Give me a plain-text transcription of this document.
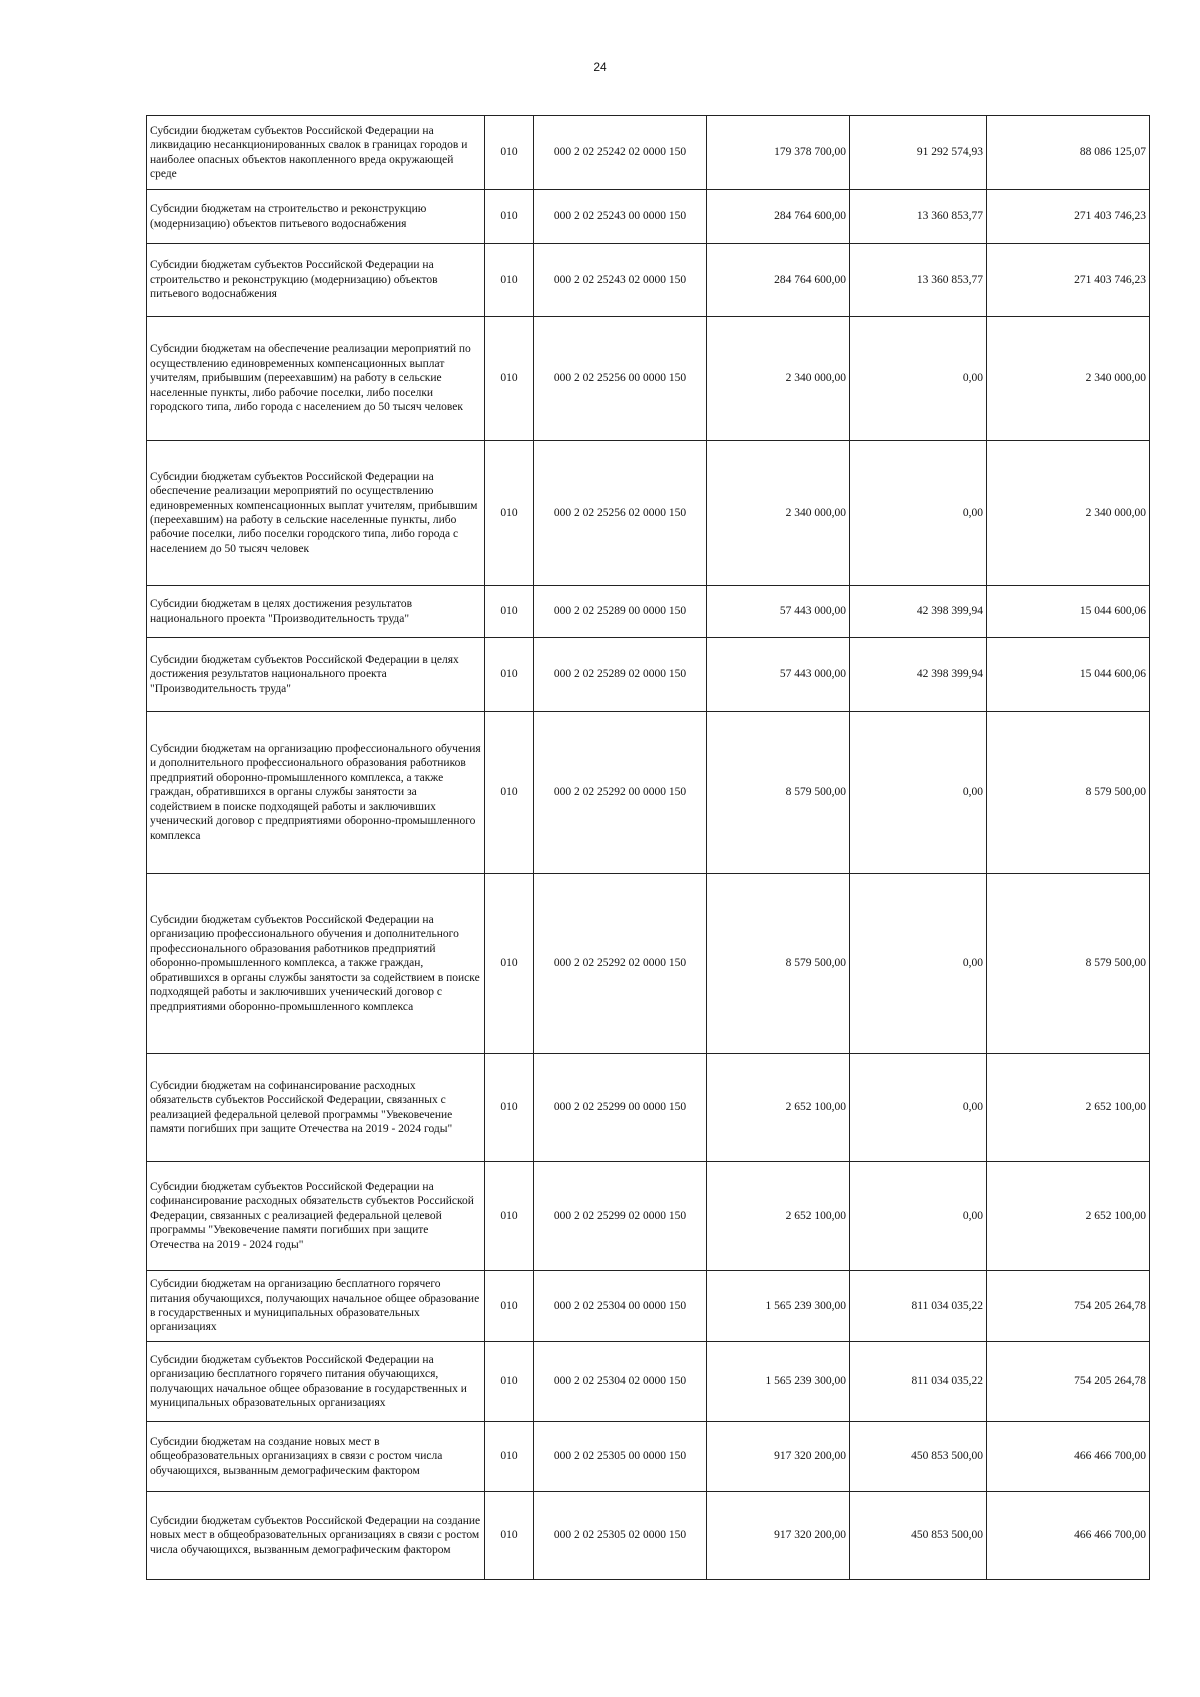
24
Субсидии бюджетам субъектов Российской Федерации на ликвидацию несанкционированных свалок в границах городов и наиболее опасных объектов накопленного вреда окружающей среде	010	000 2 02 25242 02 0000 150	179 378 700,00	91 292 574,93	88 086 125,07
Субсидии бюджетам на строительство и реконструкцию (модернизацию) объектов питьевого водоснабжения	010	000 2 02 25243 00 0000 150	284 764 600,00	13 360 853,77	271 403 746,23
Субсидии бюджетам субъектов Российской Федерации на строительство и реконструкцию (модернизацию) объектов питьевого водоснабжения	010	000 2 02 25243 02 0000 150	284 764 600,00	13 360 853,77	271 403 746,23
Субсидии бюджетам на обеспечение реализации мероприятий по осуществлению единовременных компенсационных выплат учителям, прибывшим (переехавшим) на работу в сельские населенные пункты, либо рабочие поселки, либо поселки городского типа, либо города с населением до 50 тысяч человек	010	000 2 02 25256 00 0000 150	2 340 000,00	0,00	2 340 000,00
Субсидии бюджетам субъектов Российской Федерации на обеспечение реализации мероприятий по осуществлению единовременных компенсационных выплат учителям, прибывшим (переехавшим) на работу в сельские населенные пункты, либо рабочие поселки, либо поселки городского типа, либо города с населением до 50 тысяч человек	010	000 2 02 25256 02 0000 150	2 340 000,00	0,00	2 340 000,00
Субсидии бюджетам в целях достижения результатов национального проекта "Производительность труда"	010	000 2 02 25289 00 0000 150	57 443 000,00	42 398 399,94	15 044 600,06
Субсидии бюджетам субъектов Российской Федерации в целях достижения результатов национального проекта "Производительность труда"	010	000 2 02 25289 02 0000 150	57 443 000,00	42 398 399,94	15 044 600,06
Субсидии бюджетам на организацию профессионального обучения и дополнительного профессионального образования работников предприятий оборонно-промышленного комплекса, а также граждан, обратившихся в органы службы занятости за содействием в поиске подходящей работы и заключивших ученический договор с предприятиями оборонно-промышленного комплекса	010	000 2 02 25292 00 0000 150	8 579 500,00	0,00	8 579 500,00
Субсидии бюджетам субъектов Российской Федерации на организацию профессионального обучения и дополнительного профессионального образования работников предприятий оборонно-промышленного комплекса, а также граждан, обратившихся в органы службы занятости за содействием в поиске подходящей работы и заключивших ученический договор с предприятиями оборонно-промышленного комплекса	010	000 2 02 25292 02 0000 150	8 579 500,00	0,00	8 579 500,00
Субсидии бюджетам на софинансирование расходных обязательств субъектов Российской Федерации, связанных с реализацией федеральной целевой программы "Увековечение памяти погибших при защите Отечества на 2019 - 2024 годы"	010	000 2 02 25299 00 0000 150	2 652 100,00	0,00	2 652 100,00
Субсидии бюджетам субъектов Российской Федерации на софинансирование расходных обязательств субъектов Российской Федерации, связанных с реализацией федеральной целевой программы "Увековечение памяти погибших при защите Отечества на 2019 - 2024 годы"	010	000 2 02 25299 02 0000 150	2 652 100,00	0,00	2 652 100,00
Субсидии бюджетам на организацию бесплатного горячего питания обучающихся, получающих начальное общее образование в государственных и муниципальных образовательных организациях	010	000 2 02 25304 00 0000 150	1 565 239 300,00	811 034 035,22	754 205 264,78
Субсидии бюджетам субъектов Российской Федерации на организацию бесплатного горячего питания обучающихся, получающих начальное общее образование в государственных и муниципальных образовательных организациях	010	000 2 02 25304 02 0000 150	1 565 239 300,00	811 034 035,22	754 205 264,78
Субсидии бюджетам на создание новых мест в общеобразовательных организациях в связи с ростом числа обучающихся, вызванным демографическим фактором	010	000 2 02 25305 00 0000 150	917 320 200,00	450 853 500,00	466 466 700,00
Субсидии бюджетам субъектов Российской Федерации на создание новых мест в общеобразовательных организациях в связи с ростом числа обучающихся, вызванным демографическим фактором	010	000 2 02 25305 02 0000 150	917 320 200,00	450 853 500,00	466 466 700,00
